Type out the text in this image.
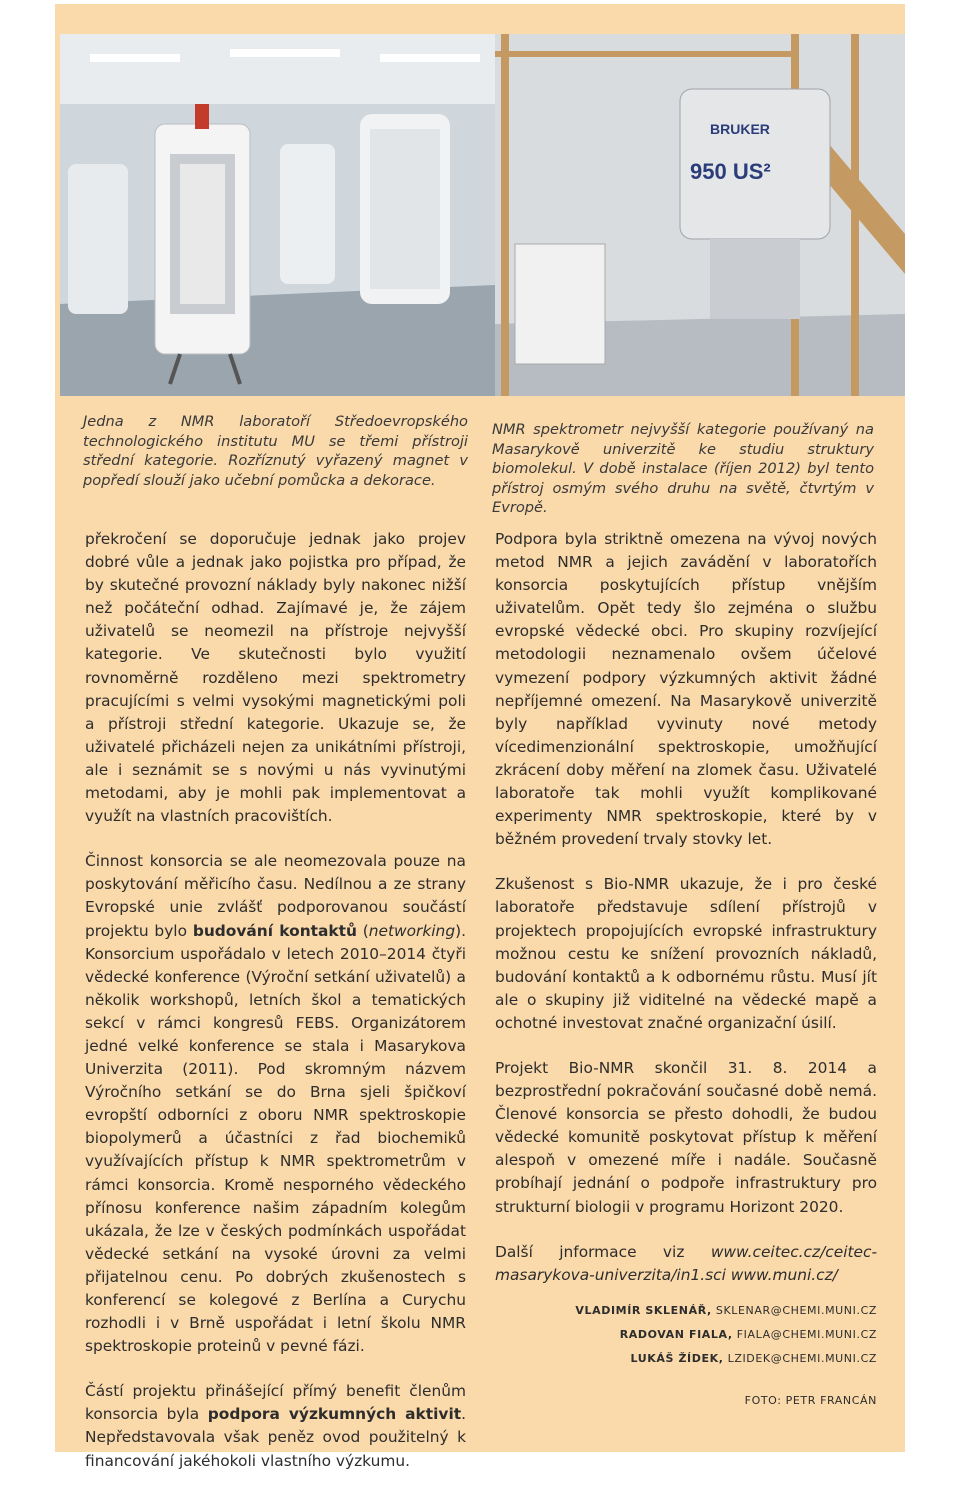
950 US²
BRUKER
Jedna z NMR laboratoří Středoevropského technologického institutu MU se třemi přístroji střední kategorie. Rozříznutý vyřazený magnet v popředí slouží jako učební pomůcka a dekorace.
NMR spektrometr nejvyšší kategorie používaný na Masarykově univerzitě ke studiu struktury biomolekul. V době instalace (říjen 2012) byl tento přístroj osmým svého druhu na světě, čtvrtým v Evropě.

překročení se doporučuje jednak jako projev dobré vůle a jednak jako pojistka pro případ, že by skutečné provozní náklady byly nakonec nižší než počáteční odhad. Zajímavé je, že zájem uživatelů se neomezil na přístroje nejvyšší kategorie. Ve skutečnosti bylo využití rovnoměrně rozděleno mezi spektrometry pracujícími s velmi vysokými magnetickými poli a přístroji střední kategorie. Ukazuje se, že uživatelé přicházeli nejen za unikátními přístroji, ale i seznámit se s novými u nás vyvinutými metodami, aby je mohli pak implementovat a využít na vlastních pracovištích.

Činnost konsorcia se ale neomezovala pouze na poskytování měřicího času. Nedílnou a ze strany Evropské unie zvlášť podporovanou součástí projektu bylo budování kontaktů (networking). Konsorcium uspořádalo v letech 2010–2014 čtyři vědecké konference (Výroční setkání uživatelů) a několik workshopů, letních škol a tematických sekcí v rámci kongresů FEBS. Organizátorem jedné velké konference se stala i Masarykova Univerzita (2011). Pod skromným názvem Výročního setkání se do Brna sjeli špičkoví evropští odborníci z oboru NMR spektroskopie biopolymerů a účastníci z řad biochemiků využívajících přístup k NMR spektrometrům v rámci konsorcia. Kromě nesporného vědeckého přínosu konference našim západním kolegům ukázala, že lze v českých podmínkách uspořádat vědecké setkání na vysoké úrovni za velmi přijatelnou cenu. Po dobrých zkušenostech s konferencí se kolegové z Berlína a Curychu rozhodli i v Brně uspořádat i letní školu NMR spektroskopie proteinů v pevné fázi.

Částí projektu přinášející přímý benefit členům konsorcia byla podpora výzkumných aktivit. Nepředstavovala však peněz ovod použitelný k financování jakéhokoli vlastního výzkumu.

Podpora byla striktně omezena na vývoj nových metod NMR a jejich zavádění v laboratořích konsorcia poskytujících přístup vnějším uživatelům. Opět tedy šlo zejména o službu evropské vědecké obci. Pro skupiny rozvíjející metodologii neznamenalo ovšem účelové vymezení podpory výzkumných aktivit žádné nepříjemné omezení. Na Masarykově univerzitě byly například vyvinuty nové metody vícedimenzionální spektroskopie, umožňující zkrácení doby měření na zlomek času. Uživatelé laboratoře tak mohli využít komplikované experimenty NMR spektroskopie, které by v běžném provedení trvaly stovky let.

Zkušenost s Bio-NMR ukazuje, že i pro české laboratoře představuje sdílení přístrojů v projektech propojujících evropské infrastruktury možnou cestu ke snížení provozních nákladů, budování kontaktů a k odbornému růstu. Musí jít ale o skupiny již viditelné na vědecké mapě a ochotné investovat značné organizační úsilí.

Projekt Bio-NMR skončil 31. 8. 2014 a bezprostřední pokračování současné době nemá. Členové konsorcia se přesto dohodli, že budou vědecké komunitě poskytovat přístup k měření alespoň v omezené míře i nadále. Současně probíhají jednání o podpoře infrastruktury pro strukturní biologii v programu Horizont 2020.

Další jnformace viz www.ceitec.cz/ceitec-masarykova-univerzita/in1.sci www.muni.cz/

VLADIMÍR SKLENÁŘ, SKLENAR@CHEMI.MUNI.CZ
RADOVAN FIALA, FIALA@CHEMI.MUNI.CZ
LUKÁŠ ŽÍDEK, LZIDEK@CHEMI.MUNI.CZ
FOTO: PETR FRANCÁN
